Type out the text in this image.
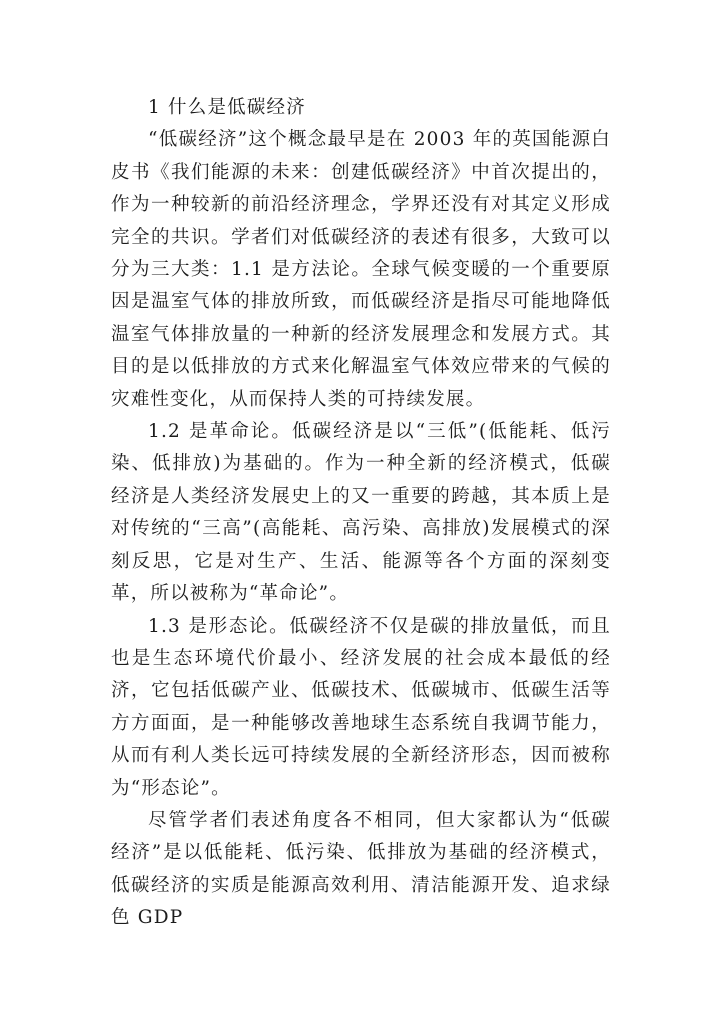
1 什么是低碳经济

“低碳经济”这个概念最早是在 2003 年的英国能源白皮书《我们能源的未来：创建低碳经济》中首次提出的，作为一种较新的前沿经济理念，学界还没有对其定义形成完全的共识。学者们对低碳经济的表述有很多，大致可以分为三大类：1.1 是方法论。全球气候变暖的一个重要原因是温室气体的排放所致，而低碳经济是指尽可能地降低温室气体排放量的一种新的经济发展理念和发展方式。其目的是以低排放的方式来化解温室气体效应带来的气候的灾难性变化，从而保持人类的可持续发展。

1.2 是革命论。低碳经济是以“三低”(低能耗、低污染、低排放)为基础的。作为一种全新的经济模式，低碳经济是人类经济发展史上的又一重要的跨越，其本质上是对传统的“三高”(高能耗、高污染、高排放)发展模式的深刻反思，它是对生产、生活、能源等各个方面的深刻变革，所以被称为“革命论”。

1.3 是形态论。低碳经济不仅是碳的排放量低，而且也是生态环境代价最小、经济发展的社会成本最低的经济，它包括低碳产业、低碳技术、低碳城市、低碳生活等方方面面，是一种能够改善地球生态系统自我调节能力，从而有利人类长远可持续发展的全新经济形态，因而被称为“形态论”。

尽管学者们表述角度各不相同，但大家都认为“低碳经济”是以低能耗、低污染、低排放为基础的经济模式，低碳经济的实质是能源高效利用、清洁能源开发、追求绿色 GDP
